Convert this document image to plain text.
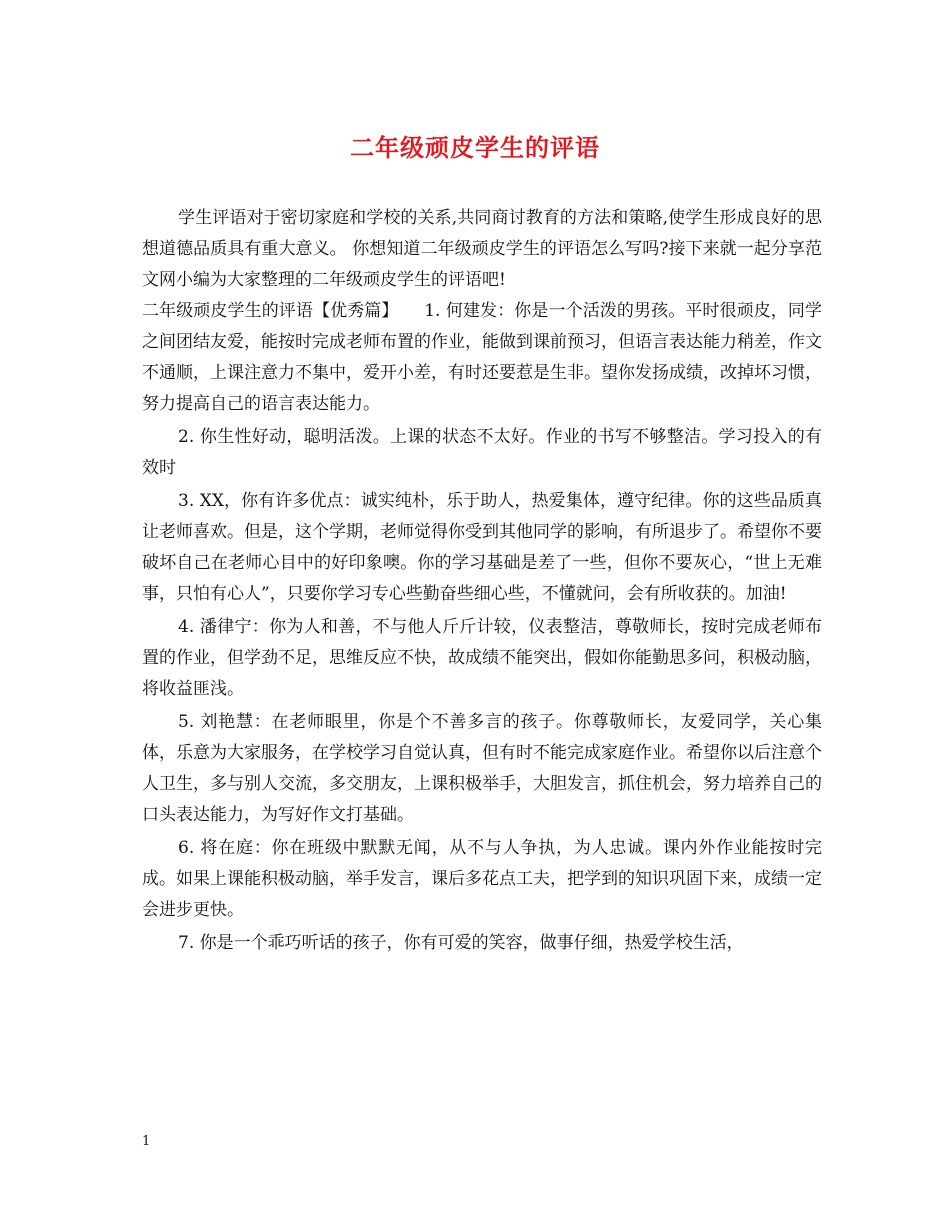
二年级顽皮学生的评语

学生评语对于密切家庭和学校的关系,共同商讨教育的方法和策略,使学生形成良好的思想道德品质具有重大意义。 你想知道二年级顽皮学生的评语怎么写吗?接下来就一起分享范文网小编为大家整理的二年级顽皮学生的评语吧!

二年级顽皮学生的评语【优秀篇】　　1. 何建发：你是一个活泼的男孩。平时很顽皮，同学之间团结友爱，能按时完成老师布置的作业，能做到课前预习，但语言表达能力稍差，作文不通顺，上课注意力不集中，爱开小差，有时还要惹是生非。望你发扬成绩，改掉坏习惯，努力提高自己的语言表达能力。

2. 你生性好动，聪明活泼。上课的状态不太好。作业的书写不够整洁。学习投入的有效时

3. XX，你有许多优点：诚实纯朴，乐于助人，热爱集体，遵守纪律。你的这些品质真让老师喜欢。但是，这个学期，老师觉得你受到其他同学的影响，有所退步了。希望你不要破坏自己在老师心目中的好印象噢。你的学习基础是差了一些，但你不要灰心，“世上无难事，只怕有心人”，只要你学习专心些勤奋些细心些，不懂就问，会有所收获的。加油!

4. 潘律宁：你为人和善，不与他人斤斤计较，仪表整洁，尊敬师长，按时完成老师布置的作业，但学劲不足，思维反应不快，故成绩不能突出，假如你能勤思多问，积极动脑，将收益匪浅。

5. 刘艳慧：在老师眼里，你是个不善多言的孩子。你尊敬师长，友爱同学，关心集体，乐意为大家服务，在学校学习自觉认真，但有时不能完成家庭作业。希望你以后注意个人卫生，多与别人交流，多交朋友，上课积极举手，大胆发言，抓住机会，努力培养自己的口头表达能力，为写好作文打基础。

6. 将在庭：你在班级中默默无闻，从不与人争执，为人忠诚。课内外作业能按时完成。如果上课能积极动脑，举手发言，课后多花点工夫，把学到的知识巩固下来，成绩一定会进步更快。

7. 你是一个乖巧听话的孩子，你有可爱的笑容，做事仔细，热爱学校生活，

1
